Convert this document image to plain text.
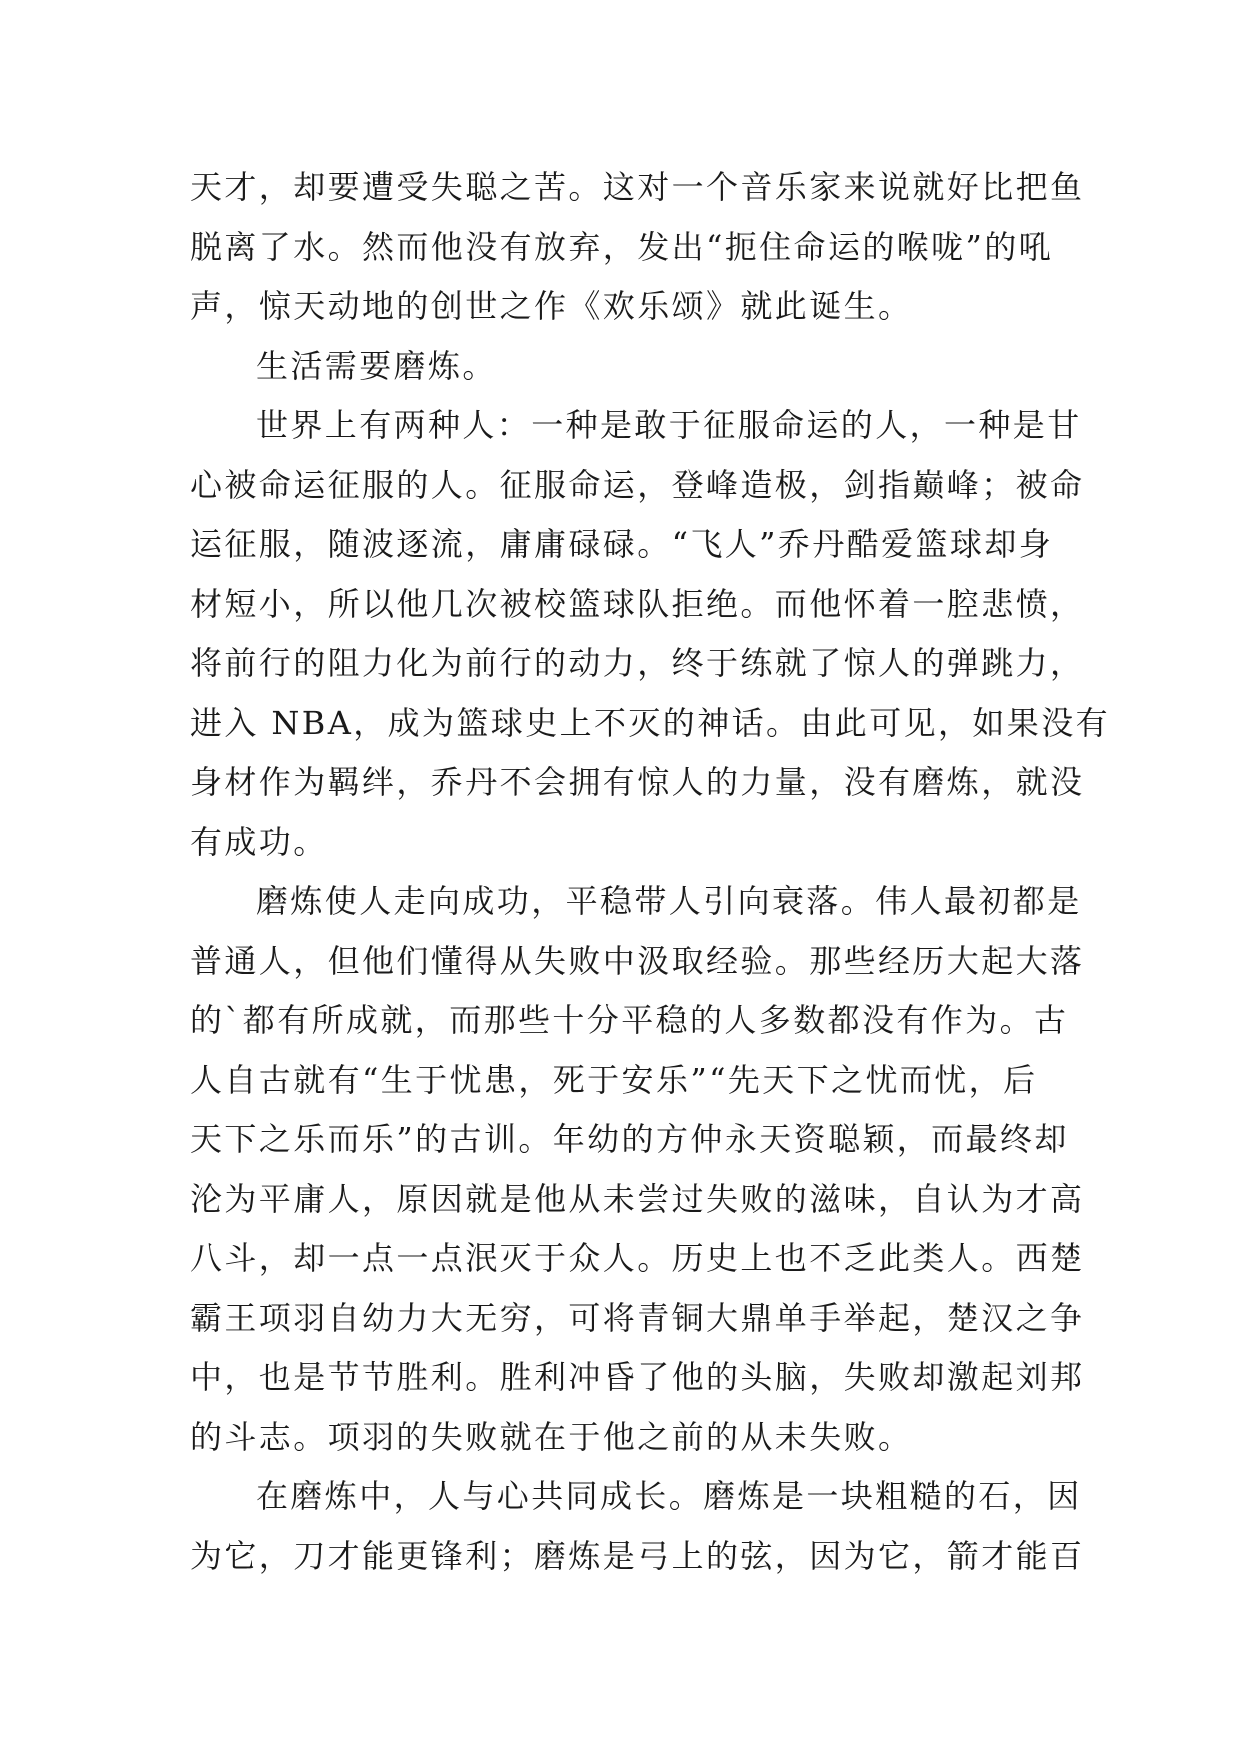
天才，却要遭受失聪之苦。这对一个音乐家来说就好比把鱼
脱离了水。然而他没有放弃，发出“扼住命运的喉咙”的吼
声，惊天动地的创世之作《欢乐颂》就此诞生。
生活需要磨炼。
世界上有两种人：一种是敢于征服命运的人，一种是甘
心被命运征服的人。征服命运，登峰造极，剑指巅峰；被命
运征服，随波逐流，庸庸碌碌。“飞人”乔丹酷爱篮球却身
材短小，所以他几次被校篮球队拒绝。而他怀着一腔悲愤，
将前行的阻力化为前行的动力，终于练就了惊人的弹跳力，
进入 NBA，成为篮球史上不灭的神话。由此可见，如果没有
身材作为羁绊，乔丹不会拥有惊人的力量，没有磨炼，就没
有成功。
磨炼使人走向成功，平稳带人引向衰落。伟人最初都是
普通人，但他们懂得从失败中汲取经验。那些经历大起大落
的`都有所成就，而那些十分平稳的人多数都没有作为。古
人自古就有“生于忧患，死于安乐”“先天下之忧而忧，后
天下之乐而乐”的古训。年幼的方仲永天资聪颖，而最终却
沦为平庸人，原因就是他从未尝过失败的滋味，自认为才高
八斗，却一点一点泯灭于众人。历史上也不乏此类人。西楚
霸王项羽自幼力大无穷，可将青铜大鼎单手举起，楚汉之争
中，也是节节胜利。胜利冲昏了他的头脑，失败却激起刘邦
的斗志。项羽的失败就在于他之前的从未失败。
在磨炼中，人与心共同成长。磨炼是一块粗糙的石，因
为它，刀才能更锋利；磨炼是弓上的弦，因为它，箭才能百
